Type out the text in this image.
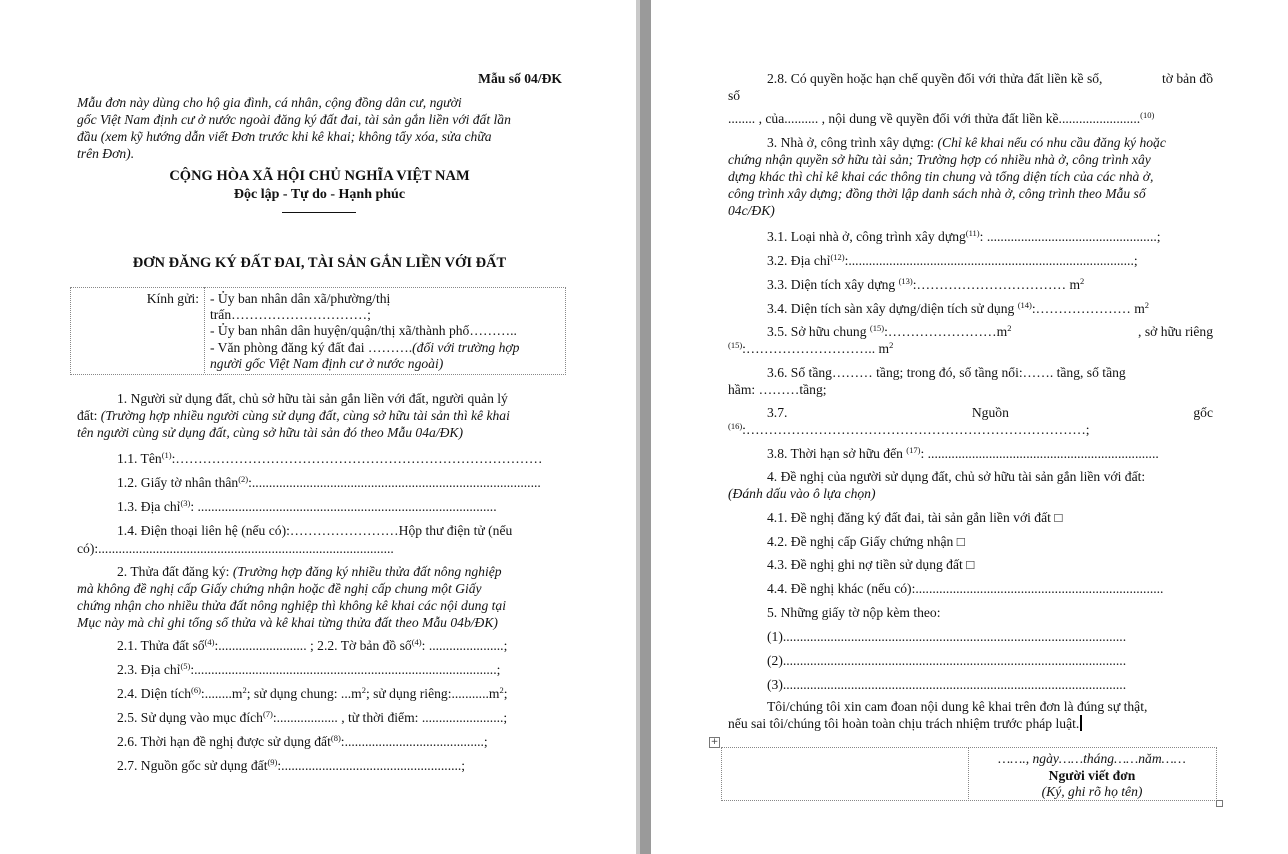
Mẫu số 04/ĐK
Mẫu đơn này dùng cho hộ gia đình, cá nhân, cộng đồng dân cư, người
gốc Việt Nam định cư ở nước ngoài đăng ký đất đai, tài sản gắn liền với đất lần
đầu (xem kỹ hướng dẫn viết Đơn trước khi kê khai; không tẩy xóa, sửa chữa
trên Đơn).
CỘNG HÒA XÃ HỘI CHỦ NGHĨA VIỆT NAM
Độc lập - Tự do - Hạnh phúc
ĐƠN ĐĂNG KÝ ĐẤT ĐAI, TÀI SẢN GẮN LIỀN VỚI ĐẤT
Kính gửi: - Ủy ban nhân dân xã/phường/thị
trấn…………………………;
- Ủy ban nhân dân huyện/quận/thị xã/thành phố………..
- Văn phòng đăng ký đất đai ……….(đối với trường hợp
người gốc Việt Nam định cư ở nước ngoài)
1. Người sử dụng đất, chủ sở hữu tài sản gắn liền với đất, người quản lý
đất: (Trường hợp nhiều người cùng sử dụng đất, cùng sở hữu tài sản thì kê khai
tên người cùng sử dụng đất, cùng sở hữu tài sản đó theo Mẫu 04a/ĐK)
1.1. Tên$^{(1)}$:………………………………………………………………………
1.2. Giấy tờ nhân thân$^{(2)}$:.....................................................................................
1.3. Địa chỉ$^{(3)}$: ........................................................................................
1.4. Điện thoại liên hệ (nếu có):……………………Hộp thư điện tử (nếu
có):.......................................................................................
2. Thửa đất đăng ký: (Trường hợp đăng ký nhiều thửa đất nông nghiệp
mà không đề nghị cấp Giấy chứng nhận hoặc đề nghị cấp chung một Giấy
chứng nhận cho nhiều thửa đất nông nghiệp thì không kê khai các nội dung tại
Mục này mà chỉ ghi tổng số thửa và kê khai từng thửa đất theo Mẫu 04b/ĐK)
2.1. Thửa đất số$^{(4)}$:.......................... ; 2.2. Tờ bản đồ số$^{(4)}$: ......................;
2.3. Địa chỉ$^{(5)}$:.........................................................................................;
2.4. Diện $tích^{(6)}:........m^2$; sử dụng chung: $...m^2$; sử dụng $riêng:...........m^2$;
2.5. Sử dụng vào mục đích$^{(7)}$:.................. , từ thời điểm: ........................;
2.6. Thời hạn đề nghị được sử dụng đất$^{(8)}$:.........................................;
2.7. Nguồn gốc sử dụng đất$^{(9)}$:.....................................................;
2.8. Có quyền hoặc hạn chế quyền đối với thửa đất liền kề số,	tờ bản đồ
số
........ , của.......... , nội dung về quyền đối với thửa đất liền kề........................$^{(10)}$
3. Nhà ở, công trình xây dựng: (Chỉ kê khai nếu có nhu cầu đăng ký hoặc
chứng nhận quyền sở hữu tài sản; Trường hợp có nhiều nhà ở, công trình xây
dựng khác thì chỉ kê khai các thông tin chung và tổng diện tích của các nhà ở,
công trình xây dựng; đồng thời lập danh sách nhà ở, công trình theo Mẫu số
04c/ĐK)
3.1. Loại nhà ở, công trình xây dựng$^{(11)}$: ..................................................;
3.2. Địa chỉ$^{(12)}$:....................................................................................;
3.3. Diện tích xây dựng $^{(13)}$:…………………………… $m^2$
3.4. Diện tích sàn xây dựng/diện tích sử dụng $^{(14)}$:………………… $m^2$
3.5. Sở hữu chung $^{(15)}:\dots\dots\dots\dots\dots\dots\dots\dots m^2$	, sở hữu riêng
$^{(15)}$:……………………….. $m^2$
3.6. Số tầng……… tầng; trong đó, số tầng nổi:……. tầng, số tầng
hầm: ………tầng;
3.7.	Nguồn	gốc
$^{(16)}$:…………………………………………………………………;
3.8. Thời hạn sở hữu đến $^{(17)}$: ....................................................................
4. Đề nghị của người sử dụng đất, chủ sở hữu tài sản gắn liền với đất:
(Đánh dấu vào ô lựa chọn)
4.1. Đề nghị đăng ký đất đai, tài sản gắn liền với đất □
4.2. Đề nghị cấp Giấy chứng nhận □
4.3. Đề nghị ghi nợ tiền sử dụng đất □
4.4. Đề nghị khác (nếu có):.........................................................................
5. Những giấy tờ nộp kèm theo:
(1).....................................................................................................
(2).....................................................................................................
(3).....................................................................................................
Tôi/chúng tôi xin cam đoan nội dung kê khai trên đơn là đúng sự thật,
nếu sai tôi/chúng tôi hoàn toàn chịu trách nhiệm trước pháp luật.
+
……., ngày……tháng……năm……
Người viết đơn
(Ký, ghi rõ họ tên)
